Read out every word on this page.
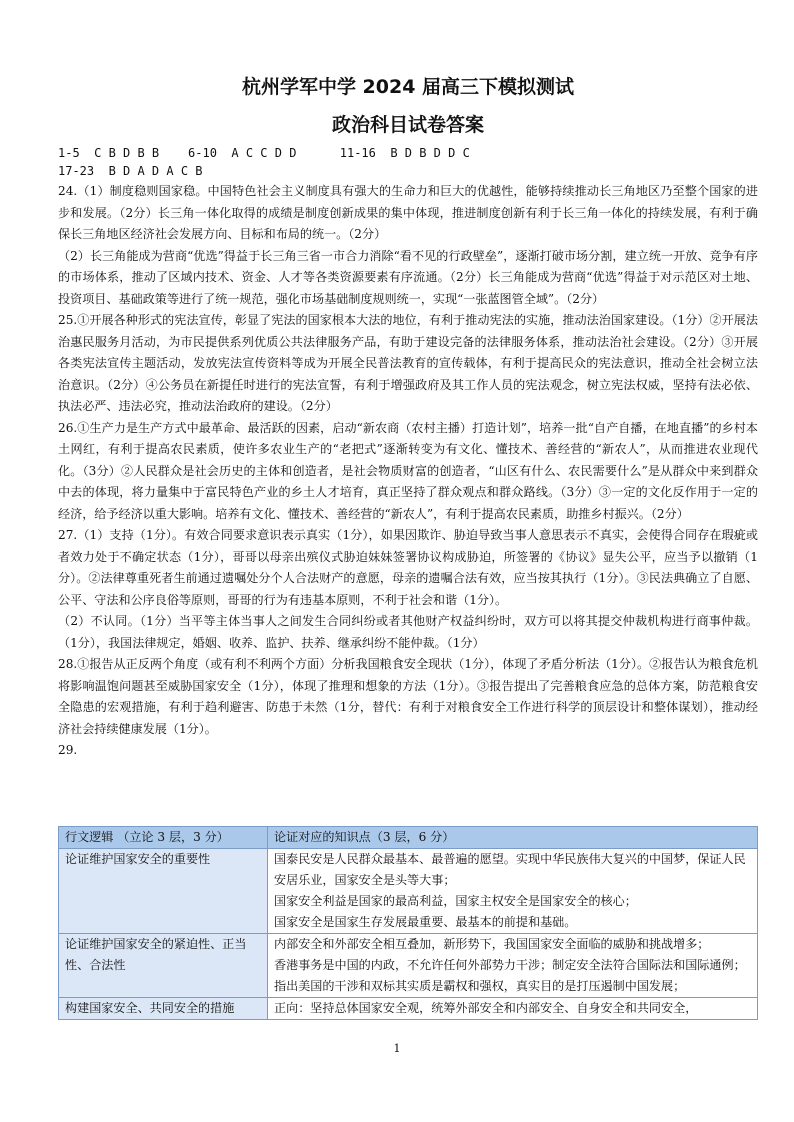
杭州学军中学 2024 届高三下模拟测试
政治科目试卷答案
1-5  C B D B B    6-10  A C C D D      11-16  B D B D D C
17-23  B D A D A C B

24.（1）制度稳则国家稳。中国特色社会主义制度具有强大的生命力和巨大的优越性，能够持续推动长三角地区乃至整个国家的进步和发展。（2分）长三角一体化取得的成绩是制度创新成果的集中体现，推进制度创新有利于长三角一体化的持续发展，有利于确保长三角地区经济社会发展方向、目标和布局的统一。（2分）

（2）长三角能成为营商“优选”得益于长三角三省一市合力消除“看不见的行政壁垒”，逐渐打破市场分割，建立统一开放、竞争有序的市场体系，推动了区域内技术、资金、人才等各类资源要素有序流通。（2分）长三角能成为营商“优选”得益于对示范区对土地、投资项目、基础政策等进行了统一规范，强化市场基础制度规则统一，实现“一张蓝图管全域”。（2分）

25.①开展各种形式的宪法宣传，彰显了宪法的国家根本大法的地位，有利于推动宪法的实施，推动法治国家建设。（1分）②开展法治惠民服务月活动，为市民提供系列优质公共法律服务产品，有助于建设完备的法律服务体系，推动法治社会建设。（2分）③开展各类宪法宣传主题活动，发放宪法宣传资料等成为开展全民普法教育的宣传载体，有利于提高民众的宪法意识，推动全社会树立法治意识。（2分）④公务员在新提任时进行的宪法宣誓，有利于增强政府及其工作人员的宪法观念，树立宪法权威，坚持有法必依、执法必严、违法必究，推动法治政府的建设。（2分）

26.①生产力是生产方式中最革命、最活跃的因素，启动“新农商（农村主播）打造计划”，培养一批“自产自播，在地直播”的乡村本土网红，有利于提高农民素质，使许多农业生产的“老把式”逐渐转变为有文化、懂技术、善经营的“新农人”，从而推进农业现代化。（3分）②人民群众是社会历史的主体和创造者，是社会物质财富的创造者，“山区有什么、农民需要什么”是从群众中来到群众中去的体现，将力量集中于富民特色产业的乡土人才培育，真正坚持了群众观点和群众路线。（3分）③一定的文化反作用于一定的经济，给予经济以重大影响。培养有文化、懂技术、善经营的“新农人”，有利于提高农民素质，助推乡村振兴。（2分）

27.（1）支持（1分）。有效合同要求意识表示真实（1分），如果因欺诈、胁迫导致当事人意思表示不真实，会使得合同存在瑕疵或者效力处于不确定状态（1分），哥哥以母亲出殡仪式胁迫妹妹签署协议构成胁迫，所签署的《协议》显失公平，应当予以撤销（1分）。②法律尊重死者生前通过遗嘱处分个人合法财产的意愿，母亲的遗嘱合法有效，应当按其执行（1分）。③民法典确立了自愿、公平、守法和公序良俗等原则，哥哥的行为有违基本原则，不利于社会和谐（1分）。

（2）不认同。（1分）当平等主体当事人之间发生合同纠纷或者其他财产权益纠纷时，双方可以将其提交仲裁机构进行商事仲裁。（1分），我国法律规定，婚姻、收养、监护、扶养、继承纠纷不能仲裁。（1分）

28.①报告从正反两个角度（或有利不利两个方面）分析我国粮食安全现状（1分），体现了矛盾分析法（1分）。②报告认为粮食危机将影响温饱问题甚至威胁国家安全（1分），体现了推理和想象的方法（1分）。③报告提出了完善粮食应急的总体方案，防范粮食安全隐患的宏观措施，有利于趋利避害、防患于未然（1分，替代：有利于对粮食安全工作进行科学的顶层设计和整体谋划），推动经济社会持续健康发展（1分）。

29.

行文逻辑 （立论 3 层，3 分）	论证对应的知识点（3 层，6 分）
论证维护国家安全的重要性	国泰民安是人民群众最基本、最普遍的愿望。实现中华民族伟大复兴的中国梦，保证人民安居乐业，国家安全是头等大事；
国家安全利益是国家的最高利益，国家主权安全是国家安全的核心；
国家安全是国家生存发展最重要、最基本的前提和基础。

论证维护国家安全的紧迫性、正当性、合法性	内部安全和外部安全相互叠加，新形势下，我国国家安全面临的威胁和挑战增多；
香港事务是中国的内政，不允许任何外部势力干涉；制定安全法符合国际法和国际通例；
指出美国的干涉和双标其实质是霸权和强权，真实目的是打压遏制中国发展；

构建国家安全、共同安全的措施	正向：坚持总体国家安全观，统筹外部安全和内部安全、自身安全和共同安全，
1
